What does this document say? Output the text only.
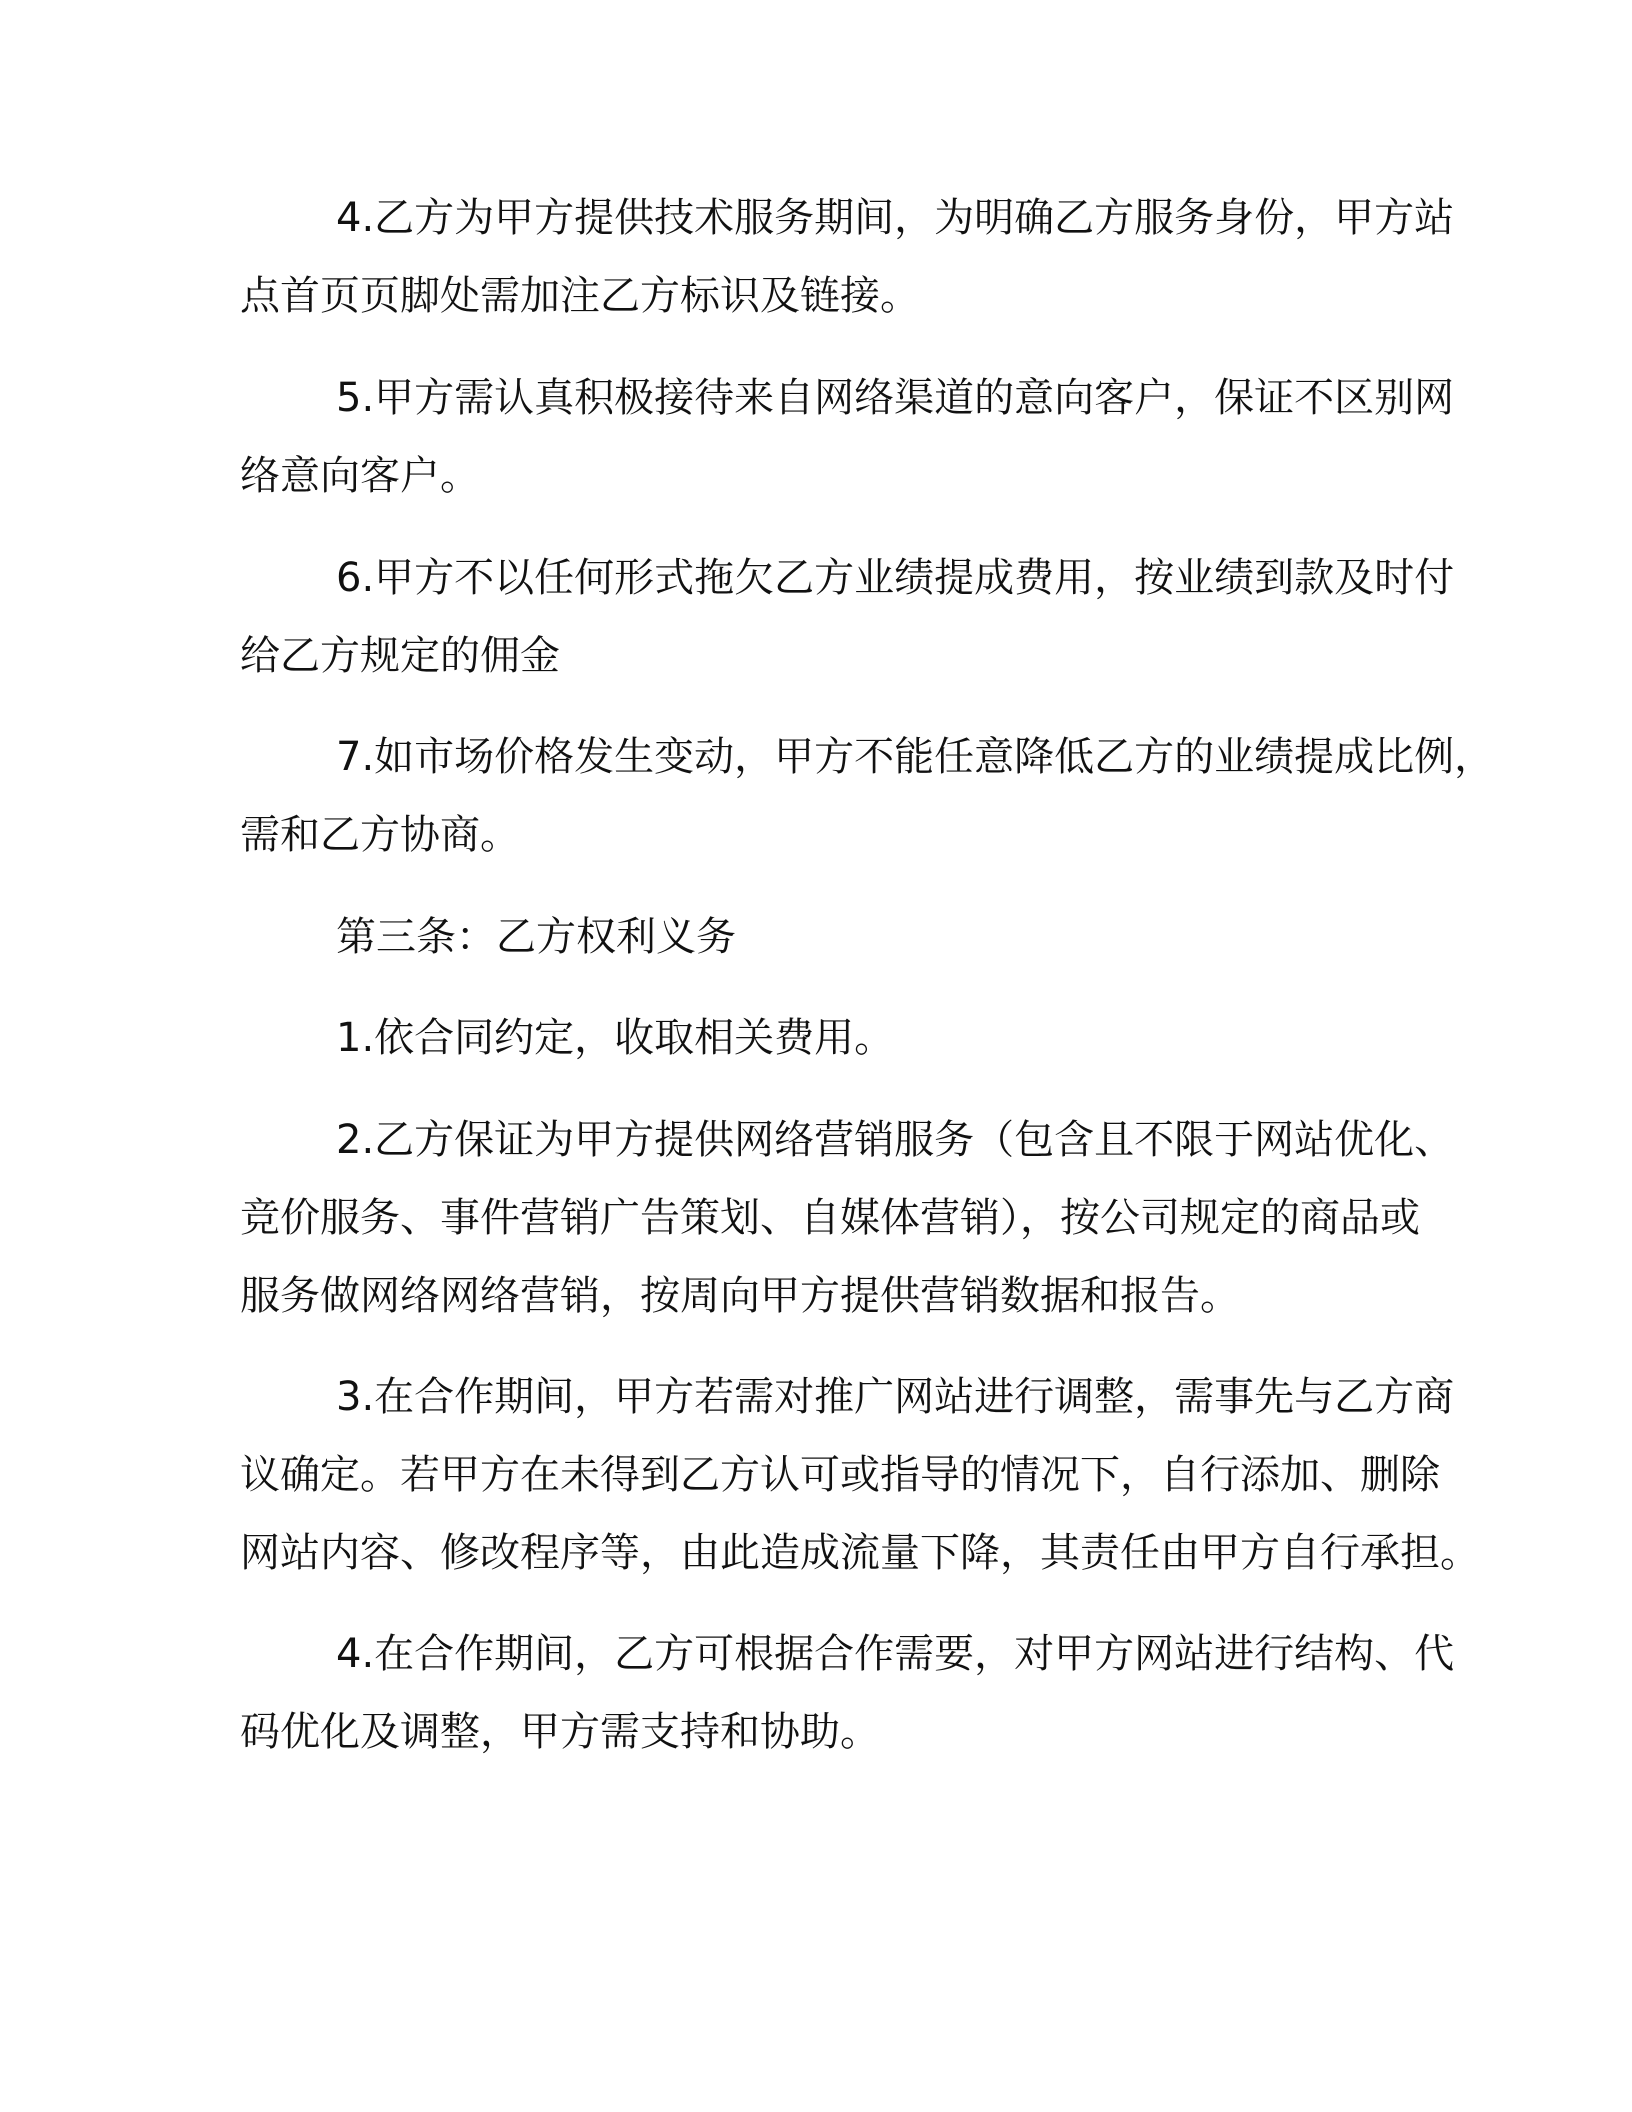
4.乙方为甲方提供技术服务期间，为明确乙方服务身份，甲方站
点首页页脚处需加注乙方标识及链接。
5.甲方需认真积极接待来自网络渠道的意向客户，保证不区别网
络意向客户。
6.甲方不以任何形式拖欠乙方业绩提成费用，按业绩到款及时付
给乙方规定的佣金
7.如市场价格发生变动，甲方不能任意降低乙方的业绩提成比例，
需和乙方协商。
第三条：乙方权利义务
1.依合同约定，收取相关费用。
2.乙方保证为甲方提供网络营销服务（包含且不限于网站优化、
竞价服务、事件营销广告策划、自媒体营销），按公司规定的商品或
服务做网络网络营销，按周向甲方提供营销数据和报告。
3.在合作期间，甲方若需对推广网站进行调整，需事先与乙方商
议确定。若甲方在未得到乙方认可或指导的情况下，自行添加、删除
网站内容、修改程序等，由此造成流量下降，其责任由甲方自行承担。
4.在合作期间，乙方可根据合作需要，对甲方网站进行结构、代
码优化及调整，甲方需支持和协助。
